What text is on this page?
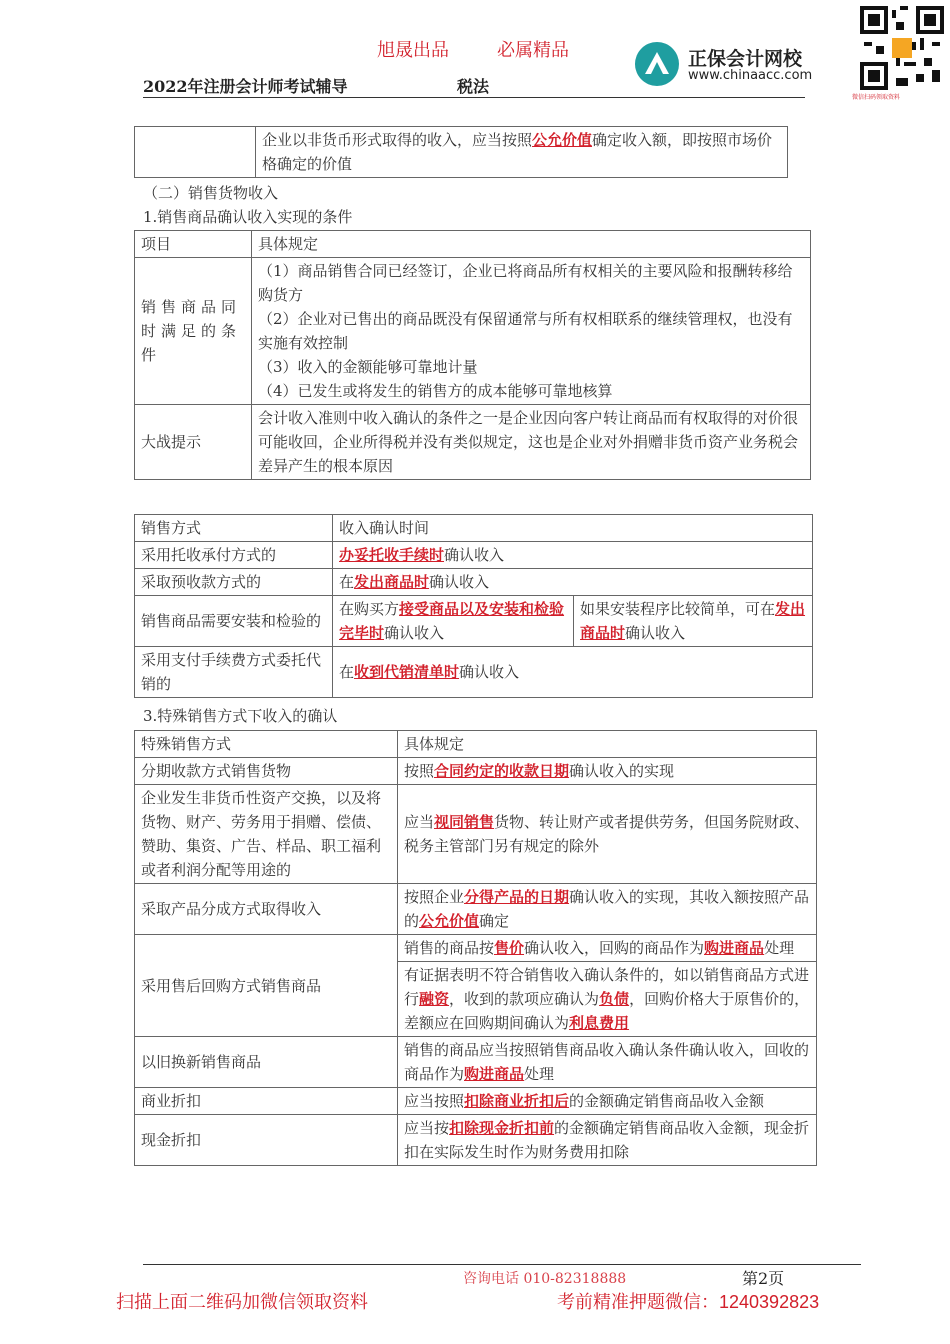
旭晟出品	必属精品
2022年注册会计师考试辅导	税法
正保会计网校
www.chinaacc.com
微信扫码领取资料
	企业以非货币形式取得的收入，应当按照公允价值确定收入额，即按照市场价格确定的价值
（二）销售货物收入
1.销售商品确认收入实现的条件
项目	具体规定
销售商品同时满足的条件	（1）商品销售合同已经签订，企业已将商品所有权相关的主要风险和报酬转移给购货方
（2）企业对已售出的商品既没有保留通常与所有权相联系的继续管理权，也没有实施有效控制
（3）收入的金额能够可靠地计量
（4）已发生或将发生的销售方的成本能够可靠地核算

大战提示	会计收入准则中收入确认的条件之一是企业因向客户转让商品而有权取得的对价很可能收回，企业所得税并没有类似规定，这也是企业对外捐赠非货币资产业务税会差异产生的根本原因
销售方式	收入确认时间	
采用托收承付方式的	办妥托收手续时确认收入	
采取预收款方式的	在发出商品时确认收入	
销售商品需要安装和检验的	在购买方接受商品以及安装和检验完毕时确认收入	如果安装程序比较简单，可在发出商品时确认收入
采用支付手续费方式委托代销的	在收到代销清单时确认收入	
3.特殊销售方式下收入的确认
特殊销售方式	具体规定
分期收款方式销售货物	按照合同约定的收款日期确认收入的实现
企业发生非货币性资产交换，以及将货物、财产、劳务用于捐赠、偿债、赞助、集资、广告、样品、职工福利或者利润分配等用途的	应当视同销售货物、转让财产或者提供劳务，但国务院财政、税务主管部门另有规定的除外
采取产品分成方式取得收入	按照企业分得产品的日期确认收入的实现，其收入额按照产品的公允价值确定
采用售后回购方式销售商品	销售的商品按售价确认收入，回购的商品作为购进商品处理
	有证据表明不符合销售收入确认条件的，如以销售商品方式进行融资，收到的款项应确认为负债，回购价格大于原售价的，差额应在回购期间确认为利息费用
以旧换新销售商品	销售的商品应当按照销售商品收入确认条件确认收入，回收的商品作为购进商品处理
商业折扣	应当按照扣除商业折扣后的金额确定销售商品收入金额
现金折扣	应当按扣除现金折扣前的金额确定销售商品收入金额，现金折扣在实际发生时作为财务费用扣除
咨询电话 010-82318888	第2页
扫描上面二维码加微信领取资料	考前精准押题微信：1240392823
